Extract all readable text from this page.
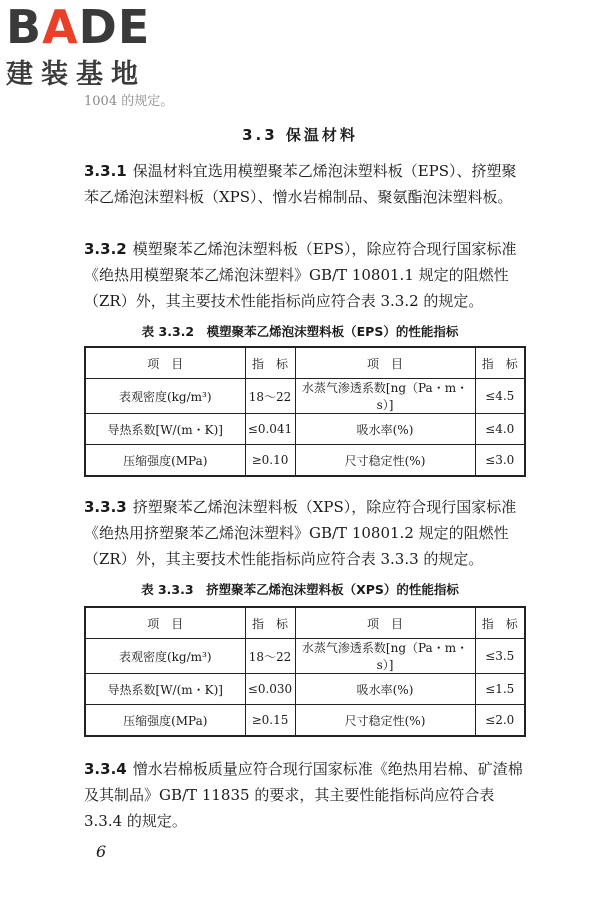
BADE
建装基地
1004 的规定。
3.3 保温材料
3.3.1 保温材料宜选用模塑聚苯乙烯泡沫塑料板（EPS）、挤塑聚苯乙烯泡沫塑料板（XPS）、憎水岩棉制品、聚氨酯泡沫塑料板。
3.3.2 模塑聚苯乙烯泡沫塑料板（EPS），除应符合现行国家标准《绝热用模塑聚苯乙烯泡沫塑料》GB/T 10801.1 规定的阻燃性（ZR）外，其主要技术性能指标尚应符合表 3.3.2 的规定。
表 3.3.2　模塑聚苯乙烯泡沫塑料板（EPS）的性能指标
项　目	指　标	项　目	指　标
表观密度(kg/m³)	18～22	水蒸气渗透系数[ng（Pa・m・s）]	≤4.5
导热系数[W/(m・K)]	≤0.041	吸水率(%)	≤4.0
压缩强度(MPa)	≥0.10	尺寸稳定性(%)	≤3.0
3.3.3 挤塑聚苯乙烯泡沫塑料板（XPS），除应符合现行国家标准《绝热用挤塑聚苯乙烯泡沫塑料》GB/T 10801.2 规定的阻燃性（ZR）外，其主要技术性能指标尚应符合表 3.3.3 的规定。
表 3.3.3　挤塑聚苯乙烯泡沫塑料板（XPS）的性能指标
项　目	指　标	项　目	指　标
表观密度(kg/m³)	18～22	水蒸气渗透系数[ng（Pa・m・s）]	≤3.5
导热系数[W/(m・K)]	≤0.030	吸水率(%)	≤1.5
压缩强度(MPa)	≥0.15	尺寸稳定性(%)	≤2.0
3.3.4 憎水岩棉板质量应符合现行国家标准《绝热用岩棉、矿渣棉及其制品》GB/T 11835 的要求，其主要性能指标尚应符合表 3.3.4 的规定。
6
